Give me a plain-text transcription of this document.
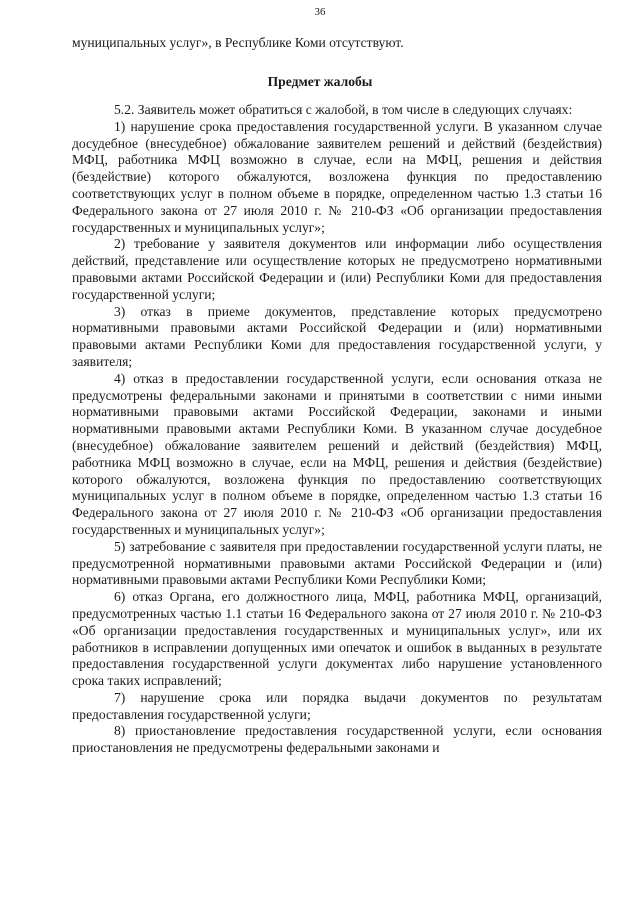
36
муниципальных услуг», в Республике Коми отсутствуют.
Предмет жалобы

5.2. Заявитель может обратиться с жалобой, в том числе в следующих случаях:

1) нарушение срока предоставления государственной услуги. В указанном случае досудебное (внесудебное) обжалование заявителем решений и действий (бездействия) МФЦ, работника МФЦ возможно в случае, если на МФЦ, решения и действия (бездействие) которого обжалуются, возложена функция по предоставлению соответствующих услуг в полном объеме в порядке, определенном частью 1.3 статьи 16 Федерального закона от 27 июля 2010 г. № 210-ФЗ «Об организации предоставления государственных и муниципальных услуг»;

2) требование у заявителя документов или информации либо осуществления действий, представление или осуществление которых не предусмотрено нормативными правовыми актами Российской Федерации и (или) Республики Коми для предоставления государственной услуги;

3) отказ в приеме документов, представление которых предусмотрено нормативными правовыми актами Российской Федерации и (или) нормативными правовыми актами Республики Коми для предоставления государственной услуги, у заявителя;

4) отказ в предоставлении государственной услуги, если основания отказа не предусмотрены федеральными законами и принятыми в соответствии с ними иными нормативными правовыми актами Российской Федерации, законами и иными нормативными правовыми актами Республики Коми. В указанном случае досудебное (внесудебное) обжалование заявителем решений и действий (бездействия) МФЦ, работника МФЦ возможно в случае, если на МФЦ, решения и действия (бездействие) которого обжалуются, возложена функция по предоставлению соответствующих муниципальных услуг в полном объеме в порядке, определенном частью 1.3 статьи 16 Федерального закона от 27 июля 2010 г. № 210-ФЗ «Об организации предоставления государственных и муниципальных услуг»;

5) затребование с заявителя при предоставлении государственной услуги платы, не предусмотренной нормативными правовыми актами Российской Федерации и (или) нормативными правовыми актами Республики Коми Республики Коми;

6) отказ Органа, его должностного лица, МФЦ, работника МФЦ, организаций, предусмотренных частью 1.1 статьи 16 Федерального закона от 27 июля 2010 г. № 210-ФЗ «Об организации предоставления государственных и муниципальных услуг», или их работников в исправлении допущенных ими опечаток и ошибок в выданных в результате предоставления государственной услуги документах либо нарушение установленного срока таких исправлений;

7) нарушение срока или порядка выдачи документов по результатам предоставления государственной услуги;

8) приостановление предоставления государственной услуги, если основания приостановления не предусмотрены федеральными законами и
